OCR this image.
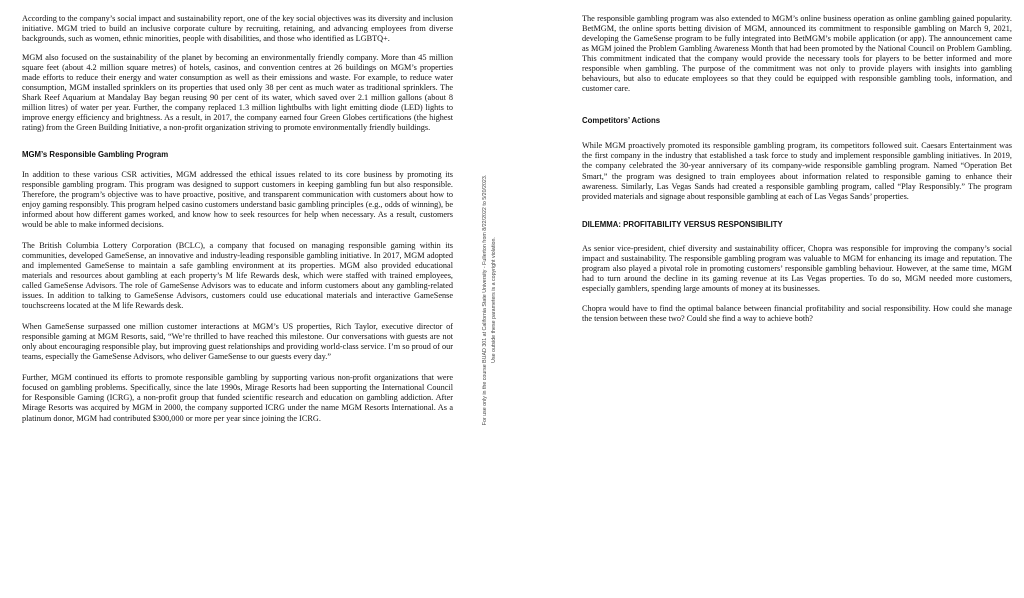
According to the company’s social impact and sustainability report, one of the key social objectives was its diversity and inclusion initiative. MGM tried to build an inclusive corporate culture by recruiting, retaining, and advancing employees from diverse backgrounds, such as women, ethnic minorities, people with disabilities, and those who identified as LGBTQ+.

MGM also focused on the sustainability of the planet by becoming an environmentally friendly company. More than 45 million square feet (about 4.2 million square metres) of hotels, casinos, and convention centres at 26 buildings on MGM’s properties made efforts to reduce their energy and water consumption as well as their emissions and waste. For example, to reduce water consumption, MGM installed sprinklers on its properties that used only 38 per cent as much water as traditional sprinklers. The Shark Reef Aquarium at Mandalay Bay began reusing 90 per cent of its water, which saved over 2.1 million gallons (about 8 million litres) of water per year. Further, the company replaced 1.3 million lightbulbs with light emitting diode (LED) lights to improve energy efficiency and brightness. As a result, in 2017, the company earned four Green Globes certifications (the highest rating) from the Green Building Initiative, a non-profit organization striving to promote environmentally friendly buildings.

MGM’s Responsible Gambling Program

In addition to these various CSR activities, MGM addressed the ethical issues related to its core business by promoting its responsible gambling program. This program was designed to support customers in keeping gambling fun but also responsible. Therefore, the program’s objective was to have proactive, positive, and transparent communication with customers about how to enjoy gaming responsibly. This program helped casino customers understand basic gambling principles (e.g., odds of winning), be informed about how different games worked, and know how to seek resources for help when necessary. As a result, customers would be able to make informed decisions.

The British Columbia Lottery Corporation (BCLC), a company that focused on managing responsible gaming within its communities, developed GameSense, an innovative and industry-leading responsible gambling initiative. In 2017, MGM adopted and implemented GameSense to maintain a safe gambling environment at its properties. MGM also provided educational materials and resources about gambling at each property’s M life Rewards desk, which were staffed with trained employees, called GameSense Advisors. The role of GameSense Advisors was to educate and inform customers about any gambling-related issues. In addition to talking to GameSense Advisors, customers could use educational materials and interactive GameSense touchscreens located at the M life Rewards desk.

When GameSense surpassed one million customer interactions at MGM’s US properties, Rich Taylor, executive director of responsible gaming at MGM Resorts, said, “We’re thrilled to have reached this milestone. Our conversations with guests are not only about encouraging responsible play, but improving guest relationships and providing world-class service. I’m so proud of our teams, especially the GameSense Advisors, who deliver GameSense to our guests every day.”

Further, MGM continued its efforts to promote responsible gambling by supporting various non-profit organizations that were focused on gambling problems. Specifically, since the late 1990s, Mirage Resorts had been supporting the International Council for Responsible Gaming (ICRG), a non-profit group that funded scientific research and education on gambling addiction. After Mirage Resorts was acquired by MGM in 2000, the company supported ICRG under the name MGM Resorts International. As a platinum donor, MGM had contributed $300,000 or more per year since joining the ICRG.	For use only in the course BUAD 301 at California State University - Fullerton from 8/22/2022 to 5/20/2023. Use outside these parameters is a copyright violation.

The responsible gambling program was also extended to MGM’s online business operation as online gambling gained popularity. BetMGM, the online sports betting division of MGM, announced its commitment to responsible gambling on March 9, 2021, developing the GameSense program to be fully integrated into BetMGM’s mobile application (or app). The announcement came as MGM joined the Problem Gambling Awareness Month that had been promoted by the National Council on Problem Gambling. This commitment indicated that the company would provide the necessary tools for players to be better informed and more responsible when gambling. The purpose of the commitment was not only to provide players with insights into gambling behaviours, but also to educate employees so that they could be equipped with responsible gambling tools, information, and customer care.

Competitors’ Actions

While MGM proactively promoted its responsible gambling program, its competitors followed suit. Caesars Entertainment was the first company in the industry that established a task force to study and implement responsible gambling initiatives. In 2019, the company celebrated the 30-year anniversary of its company-wide responsible gambling program. Named “Operation Bet Smart,” the program was designed to train employees about information related to responsible gaming to enhance their awareness. Similarly, Las Vegas Sands had created a responsible gambling program, called “Play Responsibly.” The program provided materials and signage about responsible gambling at each of Las Vegas Sands’ properties.

DILEMMA: PROFITABILITY VERSUS RESPONSIBILITY

As senior vice-president, chief diversity and sustainability officer, Chopra was responsible for improving the company’s social impact and sustainability. The responsible gambling program was valuable to MGM for enhancing its image and reputation. The program also played a pivotal role in promoting customers’ responsible gambling behaviour. However, at the same time, MGM had to turn around the decline in its gaming revenue at its Las Vegas properties. To do so, MGM needed more customers, especially gamblers, spending large amounts of money at its businesses.

Chopra would have to find the optimal balance between financial profitability and social responsibility. How could she manage the tension between these two? Could she find a way to achieve both?
